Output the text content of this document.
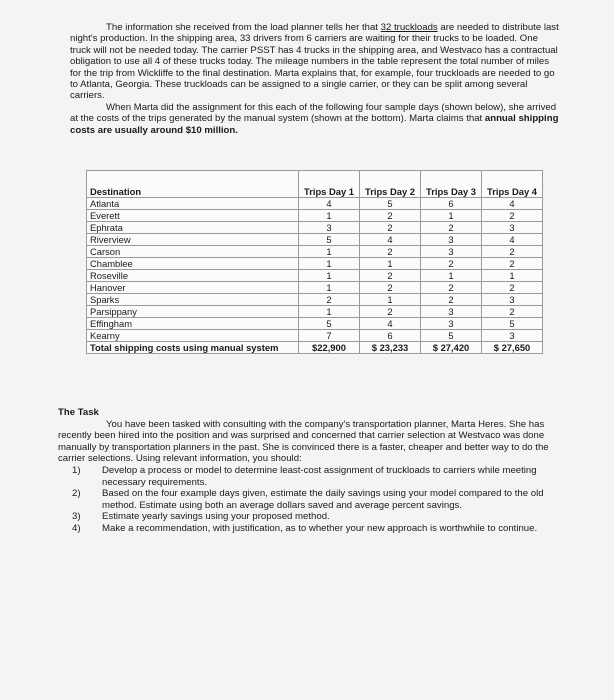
The information she received from the load planner tells her that 32 truckloads are needed to distribute last night's production. In the shipping area, 33 drivers from 6 carriers are waiting for their trucks to be loaded. One truck will not be needed today. The carrier PSST has 4 trucks in the shipping area, and Westvaco has a contractual obligation to use all 4 of these trucks today. The mileage numbers in the table represent the total number of miles for the trip from Wickliffe to the final destination. Marta explains that, for example, four truckloads are needed to go to Atlanta, Georgia. These truckloads can be assigned to a single carrier, or they can be split among several carriers.

When Marta did the assignment for this each of the following four sample days (shown below), she arrived at the costs of the trips generated by the manual system (shown at the bottom). Marta claims that annual shipping costs are usually around $10 million.

Destination	Trips Day 1	Trips Day 2	Trips Day 3	Trips Day 4
Atlanta	4	5	6	4
Everett	1	2	1	2
Ephrata	3	2	2	3
Riverview	5	4	3	4
Carson	1	2	3	2
Chamblee	1	1	2	2
Roseville	1	2	1	1
Hanover	1	2	2	2
Sparks	2	1	2	3
Parsippany	1	2	3	2
Effingham	5	4	3	5
Kearny	7	6	5	3
Total shipping costs using manual system	$22,900	$ 23,233	$ 27,420	$ 27,650

The Task

You have been tasked with consulting with the company's transportation planner, Marta Heres. She has recently been hired into the position and was surprised and concerned that carrier selection at Westvaco was done manually by transportation planners in the past. She is convinced there is a faster, cheaper and better way to do the carrier selections. Using relevant information, you should:

1) Develop a process or model to determine least-cost assignment of truckloads to carriers while meeting necessary requirements.
2) Based on the four example days given, estimate the daily savings using your model compared to the old method. Estimate using both an average dollars saved and average percent savings.
3) Estimate yearly savings using your proposed method.
4) Make a recommendation, with justification, as to whether your new approach is worthwhile to continue.
